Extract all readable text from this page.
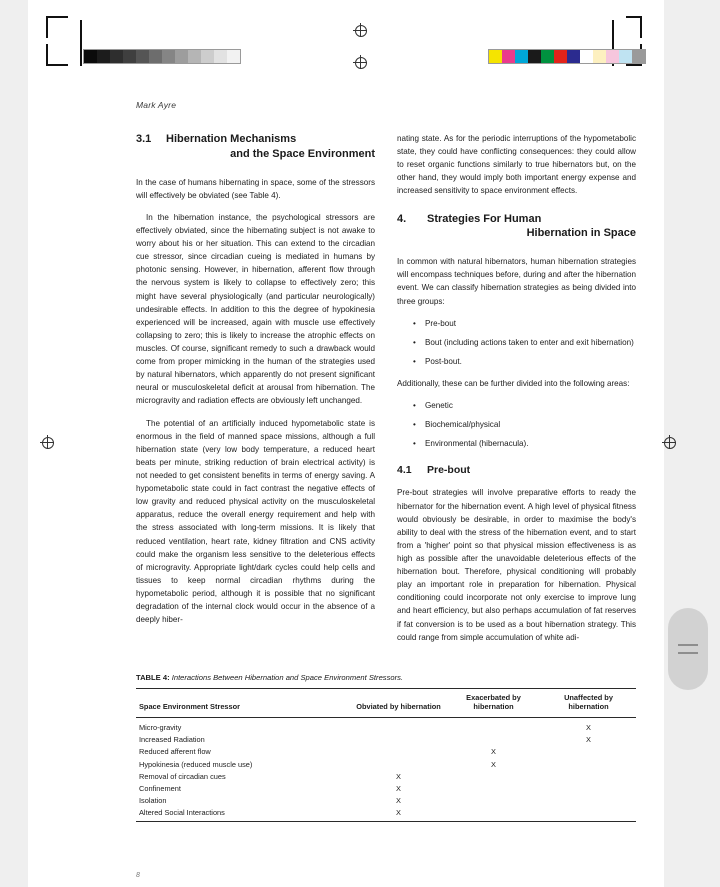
Mark Ayre
3.1 Hibernation Mechanisms
and the Space Environment

In the case of humans hibernating in space, some of the stressors will effectively be obviated (see Table 4).

In the hibernation instance, the psychological stressors are effectively obviated, since the hibernating subject is not awake to worry about his or her situation. This can extend to the circadian cue stressor, since circadian cueing is mediated in humans by photonic sensing. However, in hibernation, afferent flow through the nervous system is likely to collapse to effectively zero; this might have several physiologically (and particular neurologically) undesirable effects. In addition to this the degree of hypokinesia experienced will be increased, again with muscle use effectively collapsing to zero; this is likely to increase the atrophic effects on muscles. Of course, significant remedy to such a drawback would come from proper mimicking in the human of the strategies used by natural hibernators, which apparently do not present significant neural or musculoskeletal deficit at arousal from hibernation. The microgravity and radiation effects are obviously left unchanged.

The potential of an artificially induced hypometabolic state is enormous in the field of manned space missions, although a full hibernation state (very low body temperature, a reduced heart beats per minute, striking reduction of brain electrical activity) is not needed to get consistent benefits in terms of energy saving. A hypometabolic state could in fact contrast the negative effects of low gravity and reduced physical activity on the musculoskeletal apparatus, reduce the overall energy requirement and help with the stress associated with long-term missions. It is likely that reduced ventilation, heart rate, kidney filtration and CNS activity could make the organism less sensitive to the deleterious effects of microgravity. Appropriate light/dark cycles could help cells and tissues to keep normal circadian rhythms during the hypometabolic period, although it is possible that no significant degradation of the internal clock would occur in the absence of a deeply hiber-

nating state. As for the periodic interruptions of the hypometabolic state, they could have conflicting consequences: they could allow to reset organic functions similarly to true hibernators but, on the other hand, they would imply both important energy expense and increased sensitivity to space environment effects.

4. Strategies For Human
Hibernation in Space

In common with natural hibernators, human hibernation strategies will encompass techniques before, during and after the hibernation event. We can classify hibernation strategies as being divided into three groups:

• Pre-bout
• Bout (including actions taken to enter and exit hibernation)
• Post-bout.

Additionally, these can be further divided into the following areas:

• Genetic
• Biochemical/physical
• Environmental (hibernacula).
4.1 Pre-bout

Pre-bout strategies will involve preparative efforts to ready the hibernator for the hibernation event. A high level of physical fitness would obviously be desirable, in order to maximise the body's ability to deal with the stress of the hibernation event, and to start from a 'higher' point so that physical mission effectiveness is as high as possible after the unavoidable deleterious effects of the hibernation bout. Therefore, physical conditioning will probably play an important role in preparation for hibernation. Physical conditioning could incorporate not only exercise to improve lung and heart efficiency, but also perhaps accumulation of fat reserves if fat conversion is to be used as a bout hibernation strategy. This could range from simple accumulation of white adi-

TABLE 4: Interactions Between Hibernation and Space Environment Stressors.
Space Environment Stressor	Obviated by hibernation	Exacerbated by hibernation	Unaffected by hibernation
Micro-gravity			X
Increased Radiation			X
Reduced afferent flow		X	
Hypokinesia (reduced muscle use)		X	
Removal of circadian cues	X		
Confinement	X		
Isolation	X		
Altered Social Interactions	X		
8
